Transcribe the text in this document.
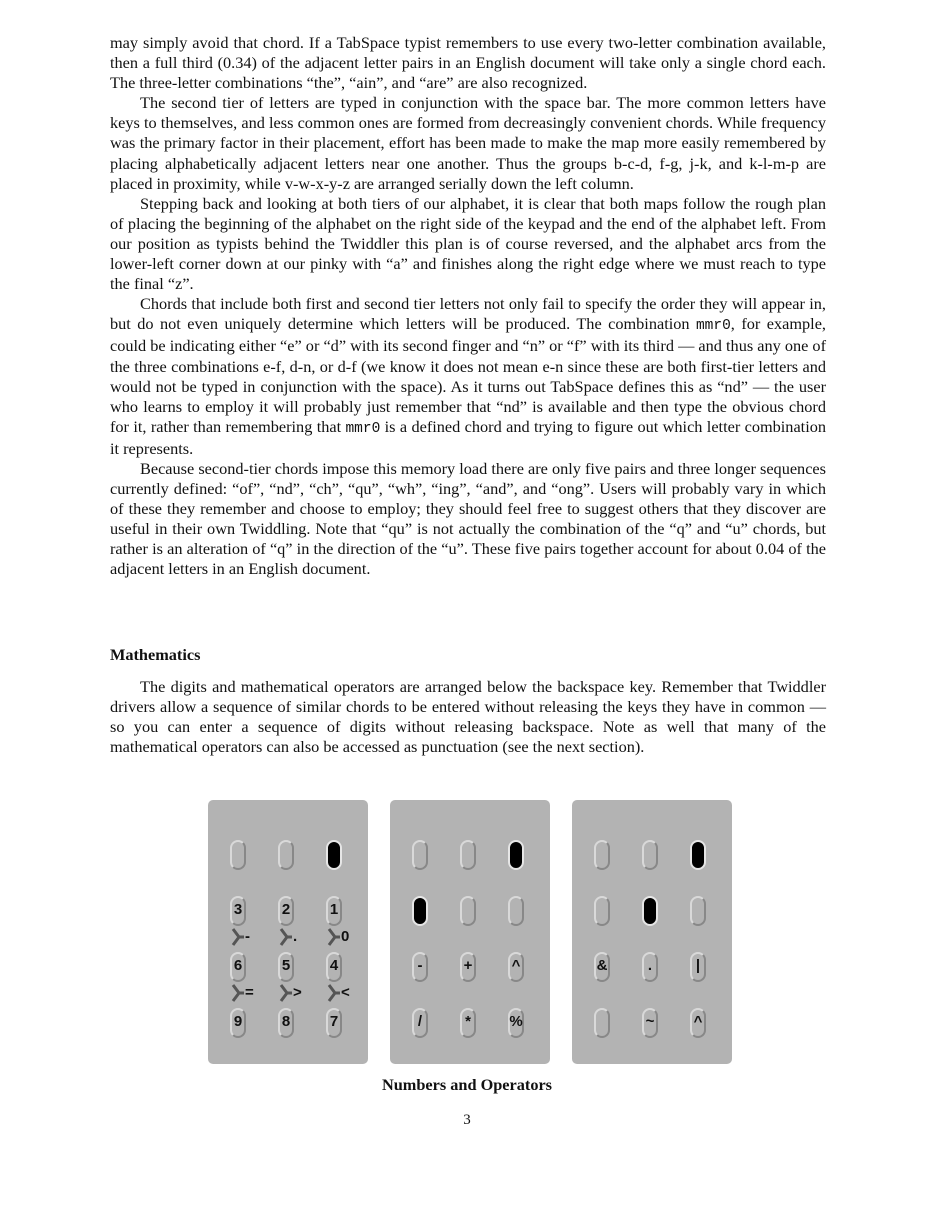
may simply avoid that chord. If a TabSpace typist remembers to use every two-letter combination available, then a full third (0.34) of the adjacent letter pairs in an English document will take only a single chord each. The three-letter combinations “the”, “ain”, and “are” are also recognized.

The second tier of letters are typed in conjunction with the space bar. The more common letters have keys to themselves, and less common ones are formed from decreasingly convenient chords. While frequency was the primary factor in their placement, effort has been made to make the map more easily remembered by placing alphabetically adjacent letters near one another. Thus the groups b-c-d, f-g, j-k, and k-l-m-p are placed in proximity, while v-w-x-y-z are arranged serially down the left column.

Stepping back and looking at both tiers of our alphabet, it is clear that both maps follow the rough plan of placing the beginning of the alphabet on the right side of the keypad and the end of the alphabet left. From our position as typists behind the Twiddler this plan is of course reversed, and the alphabet arcs from the lower-left corner down at our pinky with “a” and finishes along the right edge where we must reach to type the final “z”.

Chords that include both first and second tier letters not only fail to specify the order they will appear in, but do not even uniquely determine which letters will be produced. The combination mmr0, for example, could be indicating either “e” or “d” with its second finger and “n” or “f” with its third — and thus any one of the three combinations e-f, d-n, or d-f (we know it does not mean e-n since these are both first-tier letters and would not be typed in conjunction with the space). As it turns out TabSpace defines this as “nd” — the user who learns to employ it will probably just remember that “nd” is available and then type the obvious chord for it, rather than remembering that mmr0 is a defined chord and trying to figure out which letter combination it represents.

Because second-tier chords impose this memory load there are only five pairs and three longer sequences currently defined: “of”, “nd”, “ch”, “qu”, “wh”, “ing”, “and”, and “ong”. Users will probably vary in which of these they remember and choose to employ; they should feel free to suggest others that they discover are useful in their own Twiddling. Note that “qu” is not actually the combination of the “q” and “u” chords, but rather is an alteration of “q” in the direction of the “u”. These five pairs together account for about 0.04 of the adjacent letters in an English document.

Mathematics

The digits and mathematical operators are arranged below the backspace key. Remember that Twiddler drivers allow a sequence of similar chords to be entered without releasing the keys they have in common — so you can enter a sequence of digits without releasing backspace. Note as well that many of the mathematical operators can also be accessed as punctuation (see the next section).

3	2	1
6	5	4
9	8	7
-	.	0
=	>	<
-	+	^
/	*	%
&	.	|
~	^
Numbers and Operators
3
